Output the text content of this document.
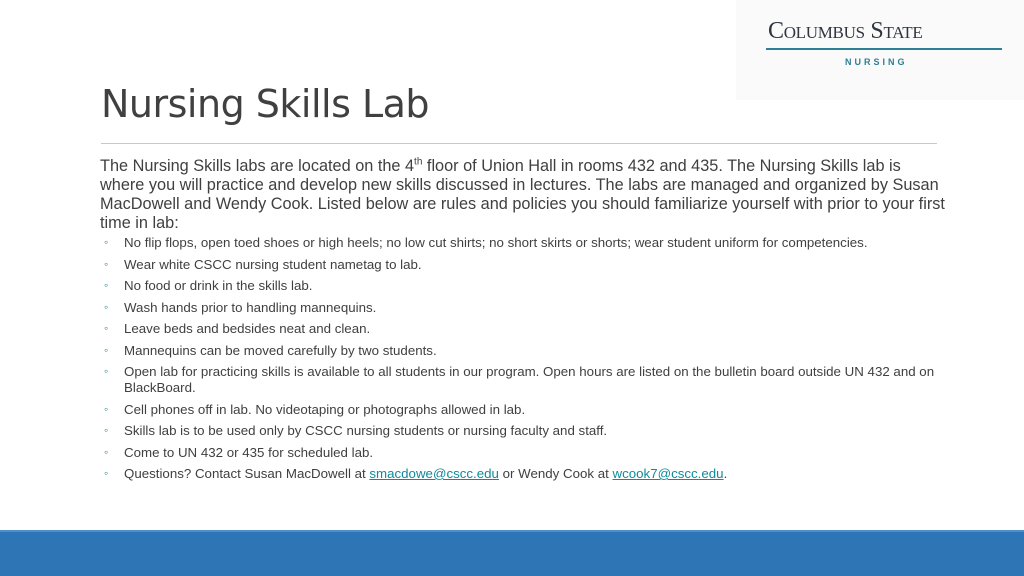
Columbus State
NURSING
Nursing Skills Lab

The Nursing Skills labs are located on the 4th floor of Union Hall in rooms 432 and 435. The Nursing Skills lab is where you will practice and develop new skills discussed in lectures. The labs are managed and organized by Susan MacDowell and Wendy Cook. Listed below are rules and policies you should familiarize yourself with prior to your first time in lab:

◦ No flip flops, open toed shoes or high heels; no low cut shirts; no short skirts or shorts; wear student uniform for competencies.
◦ Wear white CSCC nursing student nametag to lab.
◦ No food or drink in the skills lab.
◦ Wash hands prior to handling mannequins.
◦ Leave beds and bedsides neat and clean.
◦ Mannequins can be moved carefully by two students.
◦ Open lab for practicing skills is available to all students in our program. Open hours are listed on the bulletin board outside UN 432 and on BlackBoard.
◦ Cell phones off in lab. No videotaping or photographs allowed in lab.
◦ Skills lab is to be used only by CSCC nursing students or nursing faculty and staff.
◦ Come to UN 432 or 435 for scheduled lab.
◦ Questions? Contact Susan MacDowell at smacdowe@cscc.edu or Wendy Cook at wcook7@cscc.edu.
